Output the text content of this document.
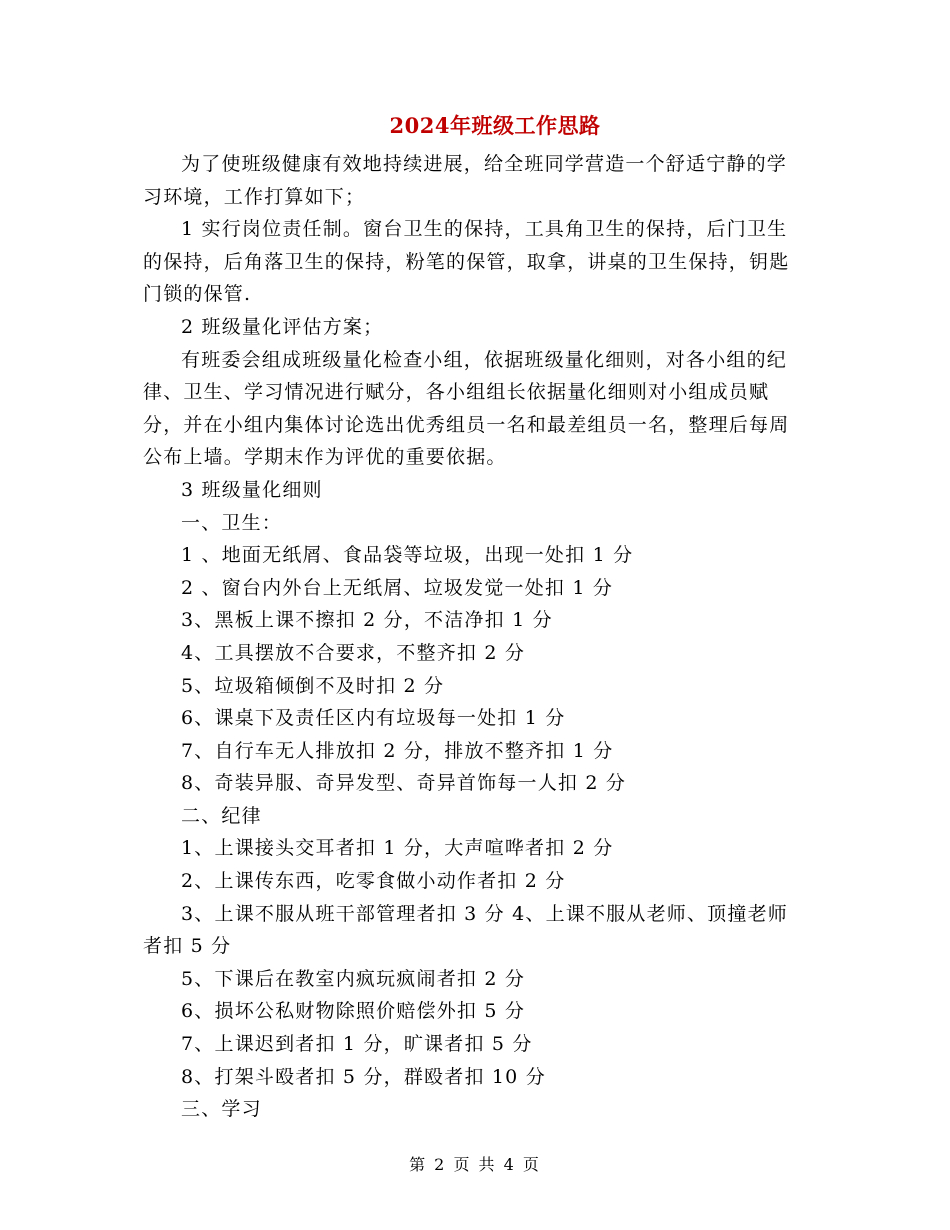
2024年班级工作思路

为了使班级健康有效地持续进展，给全班同学营造一个舒适宁静的学习环境，工作打算如下；

1 实行岗位责任制。窗台卫生的保持，工具角卫生的保持，后门卫生的保持，后角落卫生的保持，粉笔的保管，取拿，讲桌的卫生保持，钥匙门锁的保管.

2 班级量化评估方案；

有班委会组成班级量化检查小组，依据班级量化细则，对各小组的纪律、卫生、学习情况进行赋分，各小组组长依据量化细则对小组成员赋分，并在小组内集体讨论选出优秀组员一名和最差组员一名，整理后每周公布上墙。学期末作为评优的重要依据。

3 班级量化细则

一、卫生：

1 、地面无纸屑、食品袋等垃圾，出现一处扣 1 分

2 、窗台内外台上无纸屑、垃圾发觉一处扣 1 分

3、黑板上课不擦扣 2 分，不洁净扣 1 分

4、工具摆放不合要求，不整齐扣 2 分

5、垃圾箱倾倒不及时扣 2 分

6、课桌下及责任区内有垃圾每一处扣 1 分

7、自行车无人排放扣 2 分，排放不整齐扣 1 分

8、奇装异服、奇异发型、奇异首饰每一人扣 2 分

二、纪律

1、上课接头交耳者扣 1 分，大声喧哗者扣 2 分

2、上课传东西，吃零食做小动作者扣 2 分

3、上课不服从班干部管理者扣 3 分 4、上课不服从老师、顶撞老师者扣 5 分

5、下课后在教室内疯玩疯闹者扣 2 分

6、损坏公私财物除照价赔偿外扣 5 分

7、上课迟到者扣 1 分，旷课者扣 5 分

8、打架斗殴者扣 5 分，群殴者扣 10 分

三、学习

第 2 页 共 4 页
